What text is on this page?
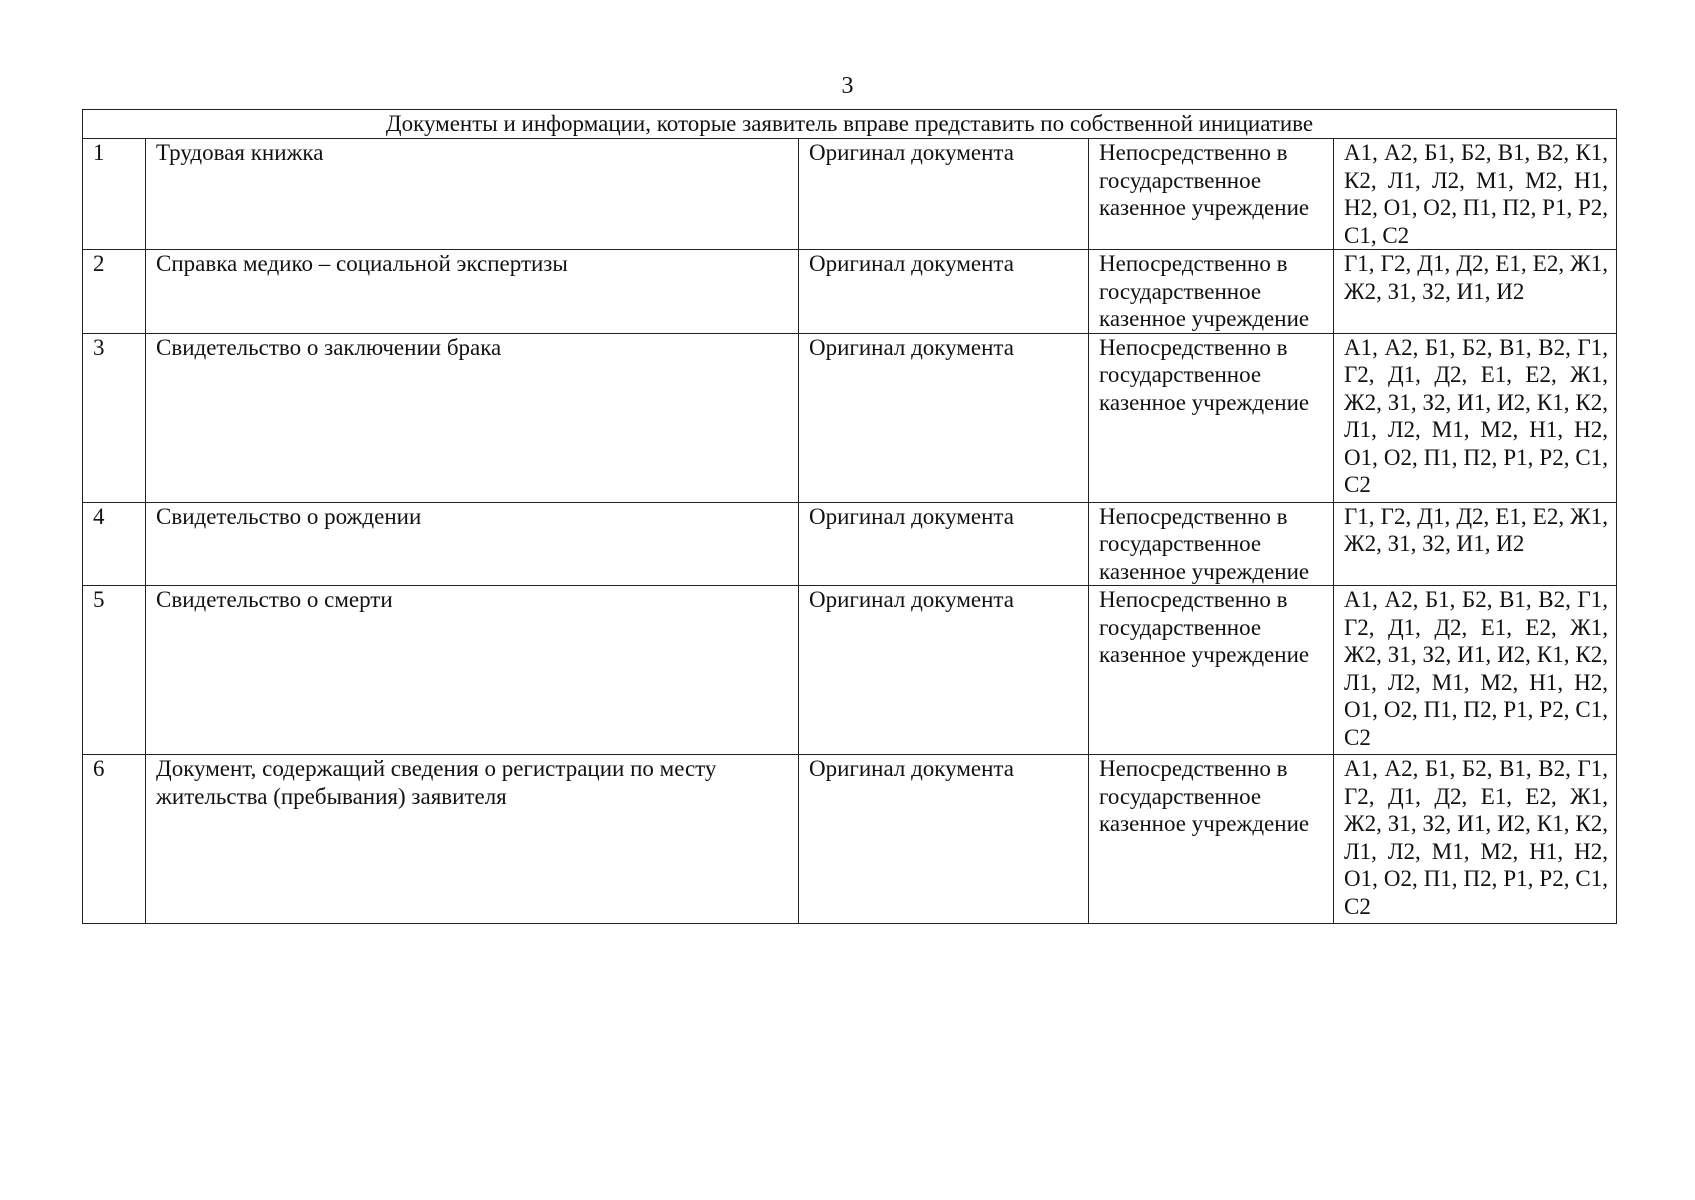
3
Документы и информации, которые заявитель вправе представить по собственной инициативе				
1	Трудовая книжка	Оригинал документа	Непосредственно в государственное казенное учреждение	А1, А2, Б1, Б2, В1, В2, К1, К2, Л1, Л2, М1, М2, Н1, Н2, О1, О2, П1, П2, Р1, Р2, С1, С2
2	Справка медико – социальной экспертизы	Оригинал документа	Непосредственно в государственное казенное учреждение	Г1, Г2, Д1, Д2, Е1, Е2, Ж1, Ж2, З1, З2, И1, И2
3	Свидетельство о заключении брака	Оригинал документа	Непосредственно в государственное казенное учреждение	А1, А2, Б1, Б2, В1, В2, Г1, Г2, Д1, Д2, Е1, Е2, Ж1, Ж2, З1, З2, И1, И2, К1, К2, Л1, Л2, М1, М2, Н1, Н2, О1, О2, П1, П2, Р1, Р2, С1, С2
4	Свидетельство о рождении	Оригинал документа	Непосредственно в государственное казенное учреждение	Г1, Г2, Д1, Д2, Е1, Е2, Ж1, Ж2, З1, З2, И1, И2
5	Свидетельство о смерти	Оригинал документа	Непосредственно в государственное казенное учреждение	А1, А2, Б1, Б2, В1, В2, Г1, Г2, Д1, Д2, Е1, Е2, Ж1, Ж2, З1, З2, И1, И2, К1, К2, Л1, Л2, М1, М2, Н1, Н2, О1, О2, П1, П2, Р1, Р2, С1, С2
6	Документ, содержащий сведения о регистрации по месту жительства (пребывания) заявителя	Оригинал документа	Непосредственно в государственное казенное учреждение	А1, А2, Б1, Б2, В1, В2, Г1, Г2, Д1, Д2, Е1, Е2, Ж1, Ж2, З1, З2, И1, И2, К1, К2, Л1, Л2, М1, М2, Н1, Н2, О1, О2, П1, П2, Р1, Р2, С1, С2
